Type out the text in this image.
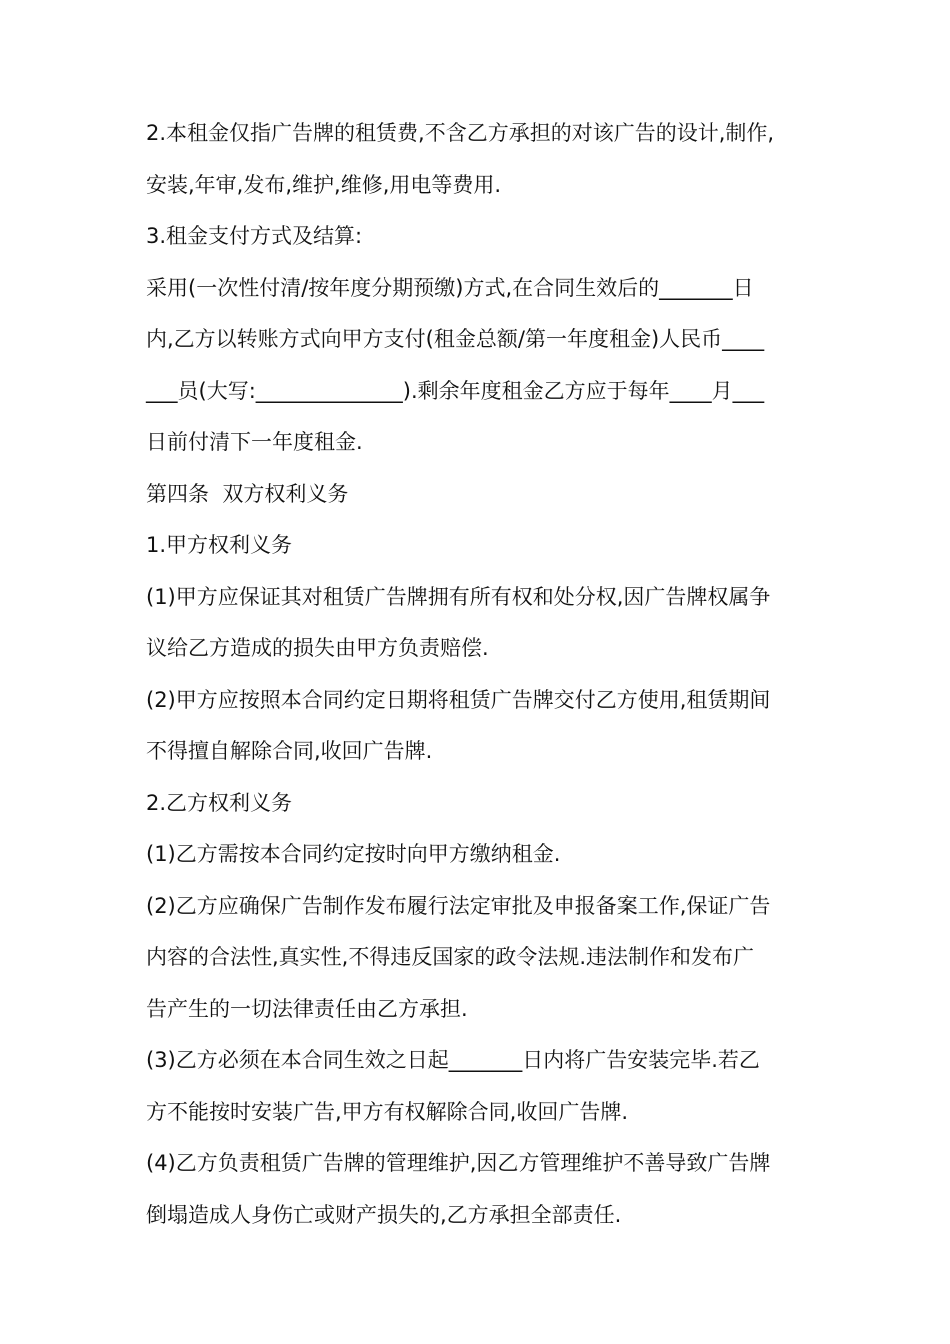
2.本租金仅指广告牌的租赁费,不含乙方承担的对该广告的设计,制作,
安装,年审,发布,维护,维修,用电等费用.
3.租金支付方式及结算:
采用(一次性付清/按年度分期预缴)方式,在合同生效后的_______日
内,乙方以转账方式向甲方支付(租金总额/第一年度租金)人民币____
___员(大写:______________).剩余年度租金乙方应于每年____月___
日前付清下一年度租金.
第四条  双方权利义务
1.甲方权利义务
(1)甲方应保证其对租赁广告牌拥有所有权和处分权,因广告牌权属争
议给乙方造成的损失由甲方负责赔偿.
(2)甲方应按照本合同约定日期将租赁广告牌交付乙方使用,租赁期间
不得擅自解除合同,收回广告牌.
2.乙方权利义务
(1)乙方需按本合同约定按时向甲方缴纳租金.
(2)乙方应确保广告制作发布履行法定审批及申报备案工作,保证广告
内容的合法性,真实性,不得违反国家的政令法规.违法制作和发布广
告产生的一切法律责任由乙方承担.
(3)乙方必须在本合同生效之日起_______日内将广告安装完毕.若乙
方不能按时安装广告,甲方有权解除合同,收回广告牌.
(4)乙方负责租赁广告牌的管理维护,因乙方管理维护不善导致广告牌
倒塌造成人身伤亡或财产损失的,乙方承担全部责任.
